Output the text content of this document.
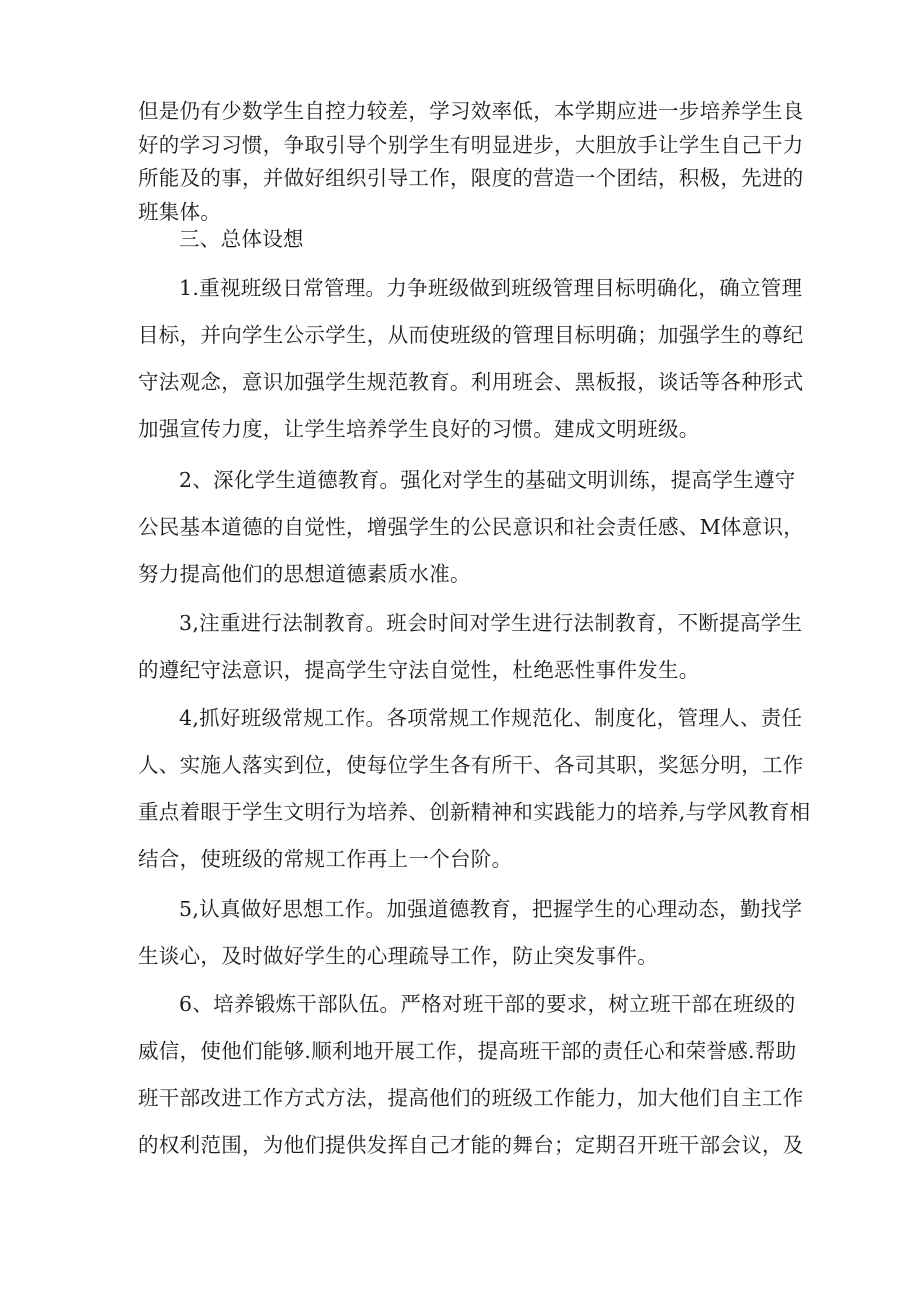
但是仍有少数学生自控力较差，学习效率低，本学期应进一步培养学生良
好的学习习惯，争取引导个别学生有明显进步，大胆放手让学生自己干力
所能及的事，并做好组织引导工作，限度的营造一个团结，积极，先进的
班集体。
三、总体设想
1.重视班级日常管理。力争班级做到班级管理目标明确化，确立管理
目标，并向学生公示学生，从而使班级的管理目标明确；加强学生的尊纪
守法观念，意识加强学生规范教育。利用班会、黑板报，谈话等各种形式
加强宣传力度，让学生培养学生良好的习惯。建成文明班级。
2、深化学生道德教育。强化对学生的基础文明训练，提高学生遵守
公民基本道德的自觉性，增强学生的公民意识和社会责任感、M体意识，
努力提高他们的思想道德素质水准。
3,注重进行法制教育。班会时间对学生进行法制教育，不断提高学生
的遵纪守法意识，提高学生守法自觉性，杜绝恶性事件发生。
4,抓好班级常规工作。各项常规工作规范化、制度化，管理人、责任
人、实施人落实到位，使每位学生各有所干、各司其职，奖惩分明，工作
重点着眼于学生文明行为培养、创新精神和实践能力的培养,与学风教育相
结合，使班级的常规工作再上一个台阶。
5,认真做好思想工作。加强道德教育，把握学生的心理动态，勤找学
生谈心，及时做好学生的心理疏导工作，防止突发事件。
6、培养锻炼干部队伍。严格对班干部的要求，树立班干部在班级的
威信，使他们能够.顺利地开展工作，提高班干部的责任心和荣誉感.帮助
班干部改进工作方式方法，提高他们的班级工作能力，加大他们自主工作
的权利范围，为他们提供发挥自己才能的舞台；定期召开班干部会议，及
